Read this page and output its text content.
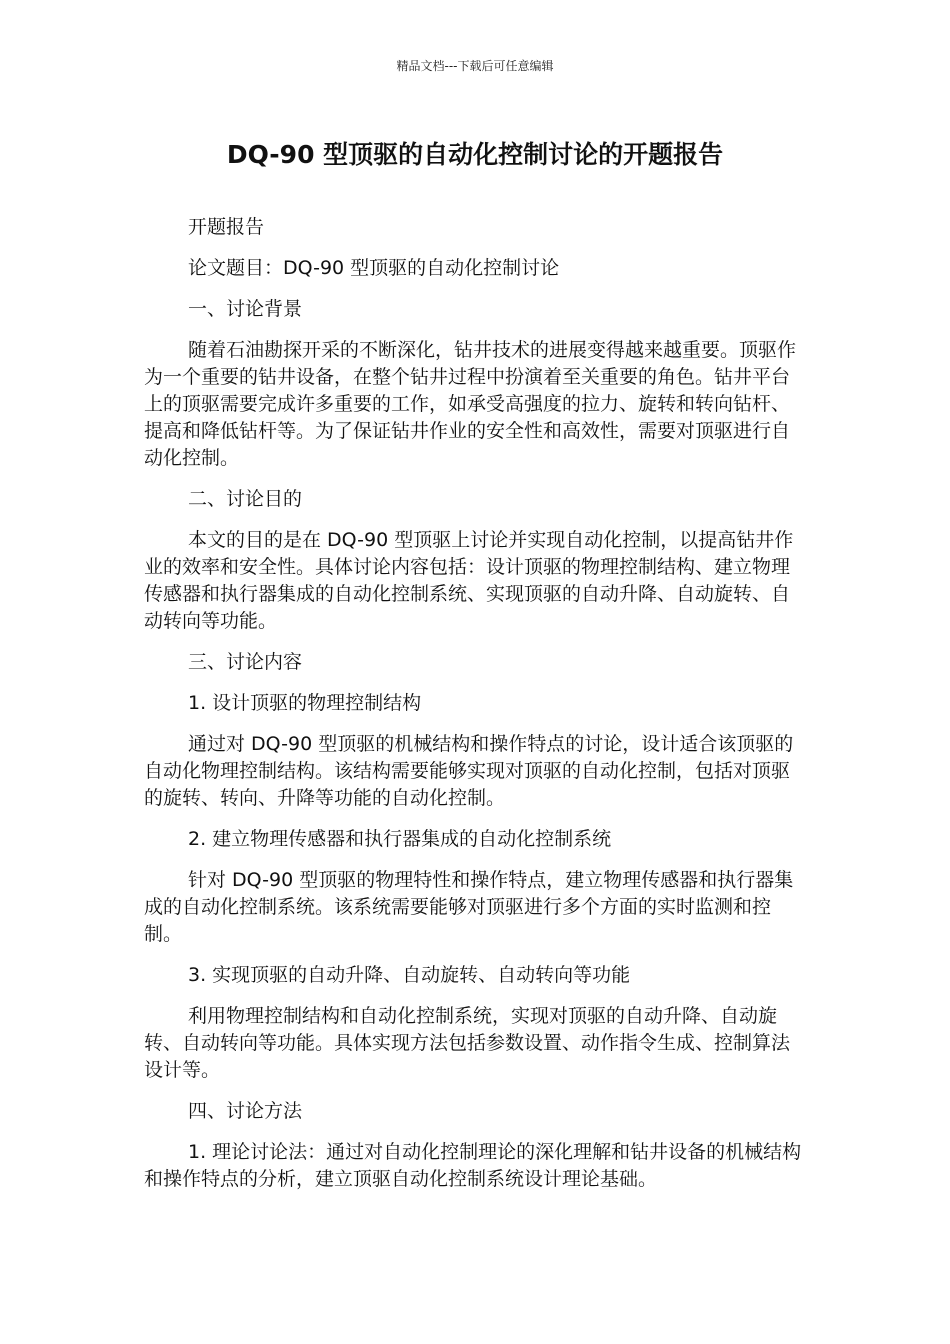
精品文档---下载后可任意编辑
DQ-90 型顶驱的自动化控制讨论的开题报告

开题报告

论文题目：DQ-90 型顶驱的自动化控制讨论

一、讨论背景

随着石油勘探开采的不断深化，钻井技术的进展变得越来越重要。顶驱作为一个重要的钻井设备，在整个钻井过程中扮演着至关重要的角色。钻井平台上的顶驱需要完成许多重要的工作，如承受高强度的拉力、旋转和转向钻杆、提高和降低钻杆等。为了保证钻井作业的安全性和高效性，需要对顶驱进行自动化控制。

二、讨论目的

本文的目的是在 DQ-90 型顶驱上讨论并实现自动化控制，以提高钻井作业的效率和安全性。具体讨论内容包括：设计顶驱的物理控制结构、建立物理传感器和执行器集成的自动化控制系统、实现顶驱的自动升降、自动旋转、自动转向等功能。

三、讨论内容

1. 设计顶驱的物理控制结构

通过对 DQ-90 型顶驱的机械结构和操作特点的讨论，设计适合该顶驱的自动化物理控制结构。该结构需要能够实现对顶驱的自动化控制，包括对顶驱的旋转、转向、升降等功能的自动化控制。

2. 建立物理传感器和执行器集成的自动化控制系统

针对 DQ-90 型顶驱的物理特性和操作特点，建立物理传感器和执行器集成的自动化控制系统。该系统需要能够对顶驱进行多个方面的实时监测和控制。

3. 实现顶驱的自动升降、自动旋转、自动转向等功能

利用物理控制结构和自动化控制系统，实现对顶驱的自动升降、自动旋转、自动转向等功能。具体实现方法包括参数设置、动作指令生成、控制算法设计等。

四、讨论方法

1. 理论讨论法：通过对自动化控制理论的深化理解和钻井设备的机械结构和操作特点的分析，建立顶驱自动化控制系统设计理论基础。
